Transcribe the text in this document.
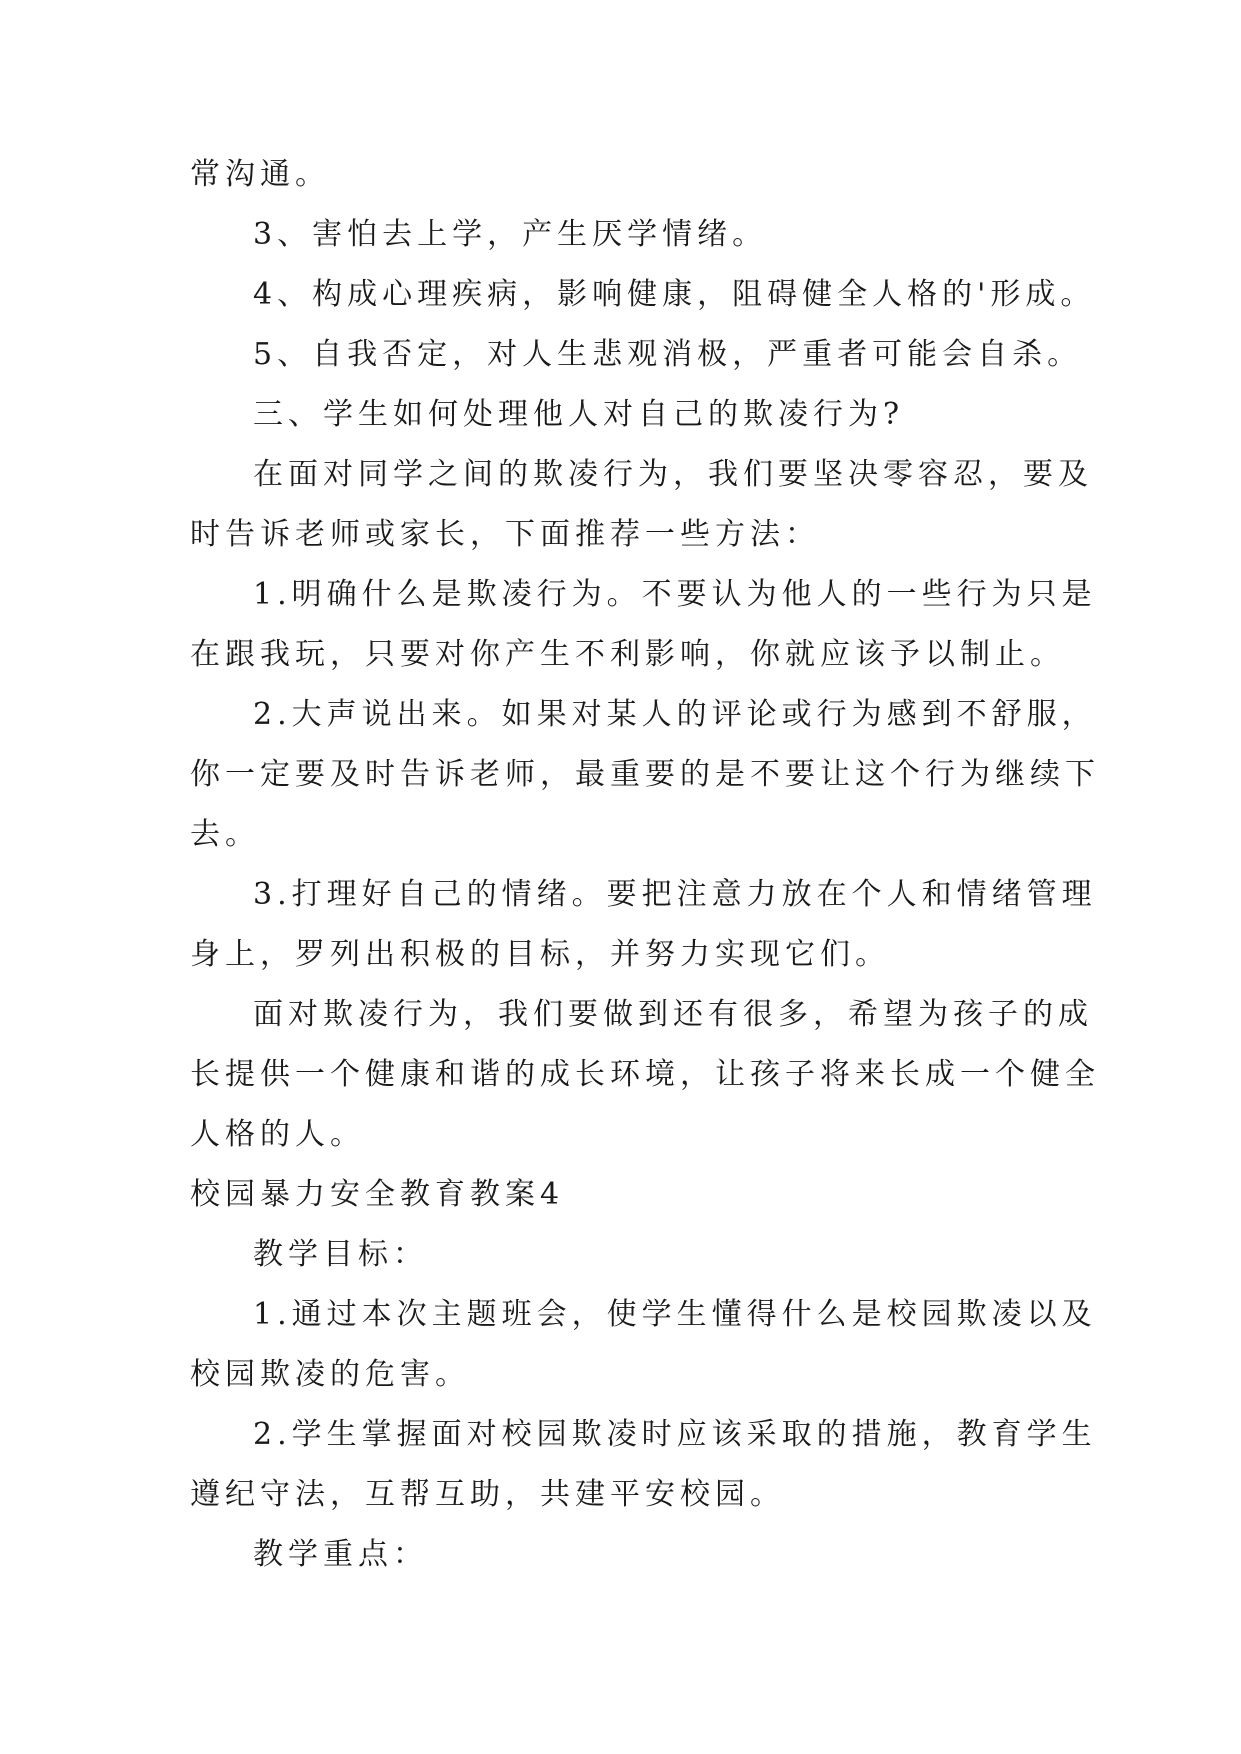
常沟通。
3、害怕去上学，产生厌学情绪。
4、构成心理疾病，影响健康，阻碍健全人格的'形成。
5、自我否定，对人生悲观消极，严重者可能会自杀。
三、学生如何处理他人对自己的欺凌行为?
在面对同学之间的欺凌行为，我们要坚决零容忍，要及
时告诉老师或家长，下面推荐一些方法：
1.明确什么是欺凌行为。不要认为他人的一些行为只是
在跟我玩，只要对你产生不利影响，你就应该予以制止。
2.大声说出来。如果对某人的评论或行为感到不舒服，
你一定要及时告诉老师，最重要的是不要让这个行为继续下
去。
3.打理好自己的情绪。要把注意力放在个人和情绪管理
身上，罗列出积极的目标，并努力实现它们。
面对欺凌行为，我们要做到还有很多，希望为孩子的成
长提供一个健康和谐的成长环境，让孩子将来长成一个健全
人格的人。
校园暴力安全教育教案4
教学目标：
1.通过本次主题班会，使学生懂得什么是校园欺凌以及
校园欺凌的危害。
2.学生掌握面对校园欺凌时应该采取的措施，教育学生
遵纪守法，互帮互助，共建平安校园。
教学重点：
